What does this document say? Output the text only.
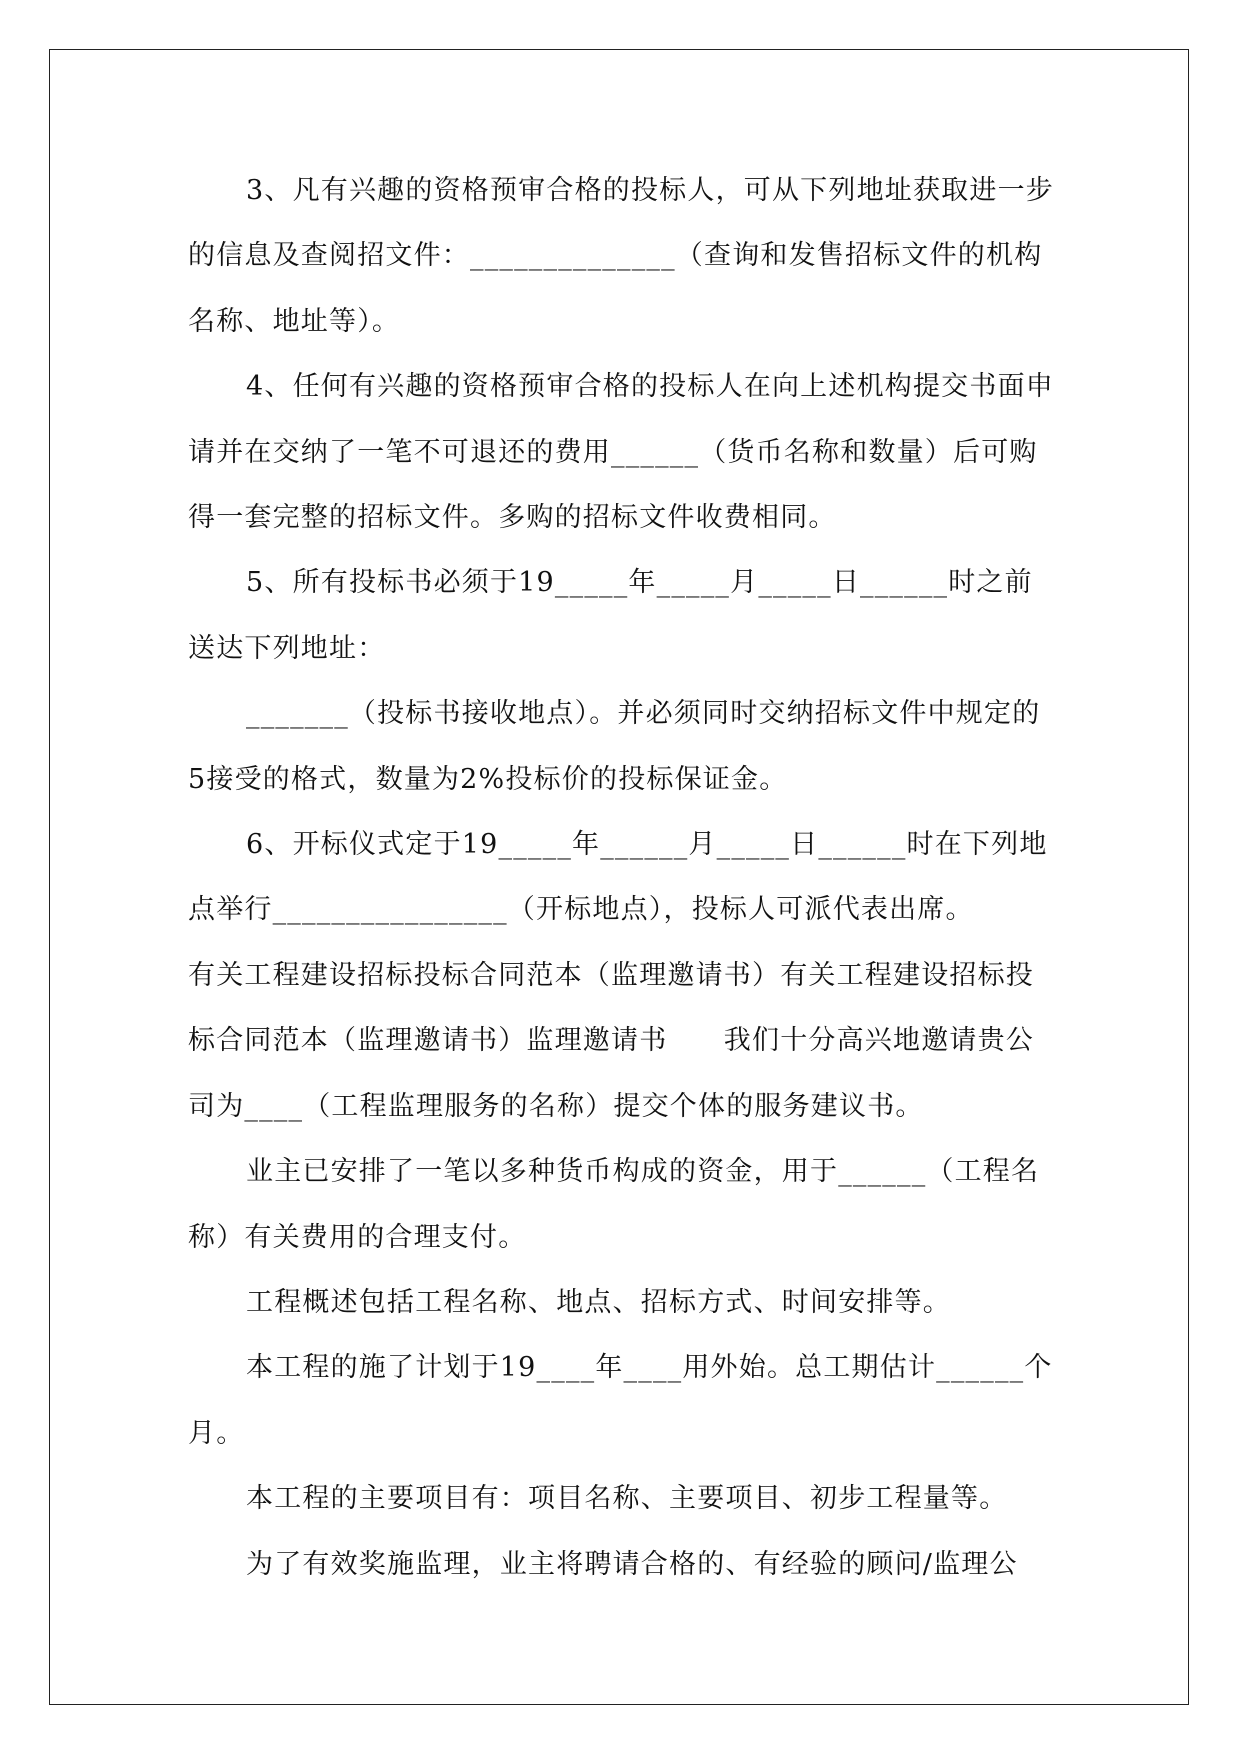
3、凡有兴趣的资格预审合格的投标人，可从下列地址获取进一步的信息及查阅招文件：______________（查询和发售招标文件的机构名称、地址等）。

4、任何有兴趣的资格预审合格的投标人在向上述机构提交书面申请并在交纳了一笔不可退还的费用______（货币名称和数量）后可购得一套完整的招标文件。多购的招标文件收费相同。

5、所有投标书必须于19_____年_____月_____日______时之前送达下列地址：

_______（投标书接收地点）。并必须同时交纳招标文件中规定的5接受的格式，数量为2%投标价的投标保证金。

6、开标仪式定于19_____年______月_____日______时在下列地点举行________________（开标地点），投标人可派代表出席。

有关工程建设招标投标合同范本（监理邀请书）有关工程建设招标投标合同范本（监理邀请书）监理邀请书　　我们十分高兴地邀请贵公司为____（工程监理服务的名称）提交个体的服务建议书。

业主已安排了一笔以多种货币构成的资金，用于______（工程名称）有关费用的合理支付。

工程概述包括工程名称、地点、招标方式、时间安排等。

本工程的施了计划于19____年____用外始。总工期估计______个月。

本工程的主要项目有：项目名称、主要项目、初步工程量等。

为了有效奖施监理，业主将聘请合格的、有经验的顾问/监理公
